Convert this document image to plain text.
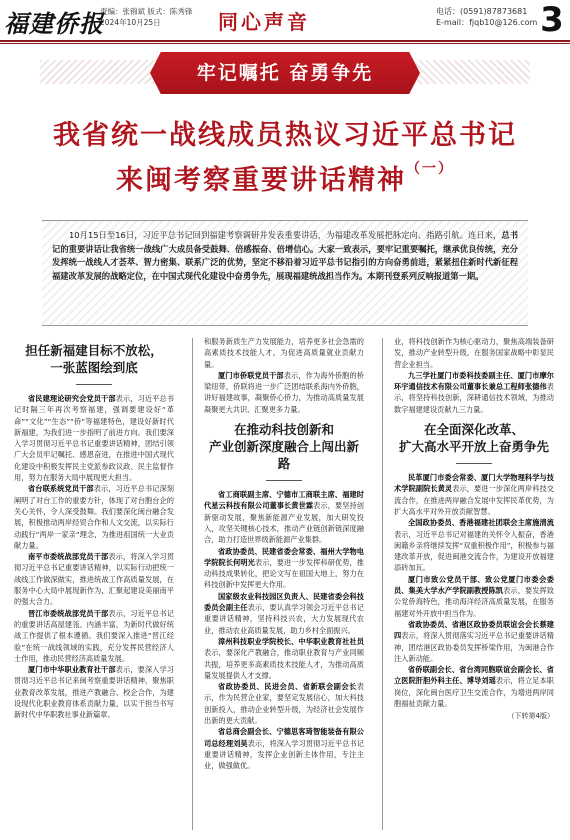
福建侨报
责编：张锦斌 版式：陈秀锋
2024年10月25日	同心声音	电话：(0591)87873681
E-mail：fjqb10@126.com 3
牢记嘱托 奋勇争先
我省统一战线成员热议习近平总书记
来闽考察重要讲话精神$^{(一)}$
10月15日至16日，习近平总书记回到福建考察调研并发表重要讲话，为福建改革发展把脉定向、指路引航。连日来，总书记的重要讲话让我省统一战线广大成员备受鼓舞、倍感振奋、倍增信心。大家一致表示，要牢记重要嘱托，继承优良传统，充分发挥统一战线人才荟萃、智力密集、联系广泛的优势，坚定不移沿着习近平总书记指引的方向奋勇前进，紧紧扭住新时代新征程福建改革发展的战略定位，在中国式现代化建设中奋勇争先，展现福建统战担当作为。本期刊登系列反响报道第一期。
担任新福建目标不放松，
一张蓝图绘到底

省民建理论研究会党员干部表示，习近平总书记时隔三年再次考察福建，强调要建设好“革命”“文化”“生态”“侨”等福建特色，建设好新时代新福建，为我们进一步指明了前进方向。我们要深入学习贯彻习近平总书记重要讲话精神，团结引领广大会员牢记嘱托、感恩奋进，在推进中国式现代化建设中积极发挥民主党派参政议政、民主监督作用，努力在服务大局中展现更大担当。

省台联系统党员干部表示，习近平总书记深刻阐明了对台工作的重要方针，体现了对台胞台企的关心关怀，令人深受鼓舞。我们要深化闽台融合发展，积极推动两岸经贸合作和人文交流，以实际行动践行“两岸一家亲”理念，为推进祖国统一大业贡献力量。

南平市委统战部党员干部表示，将深入学习贯彻习近平总书记重要讲话精神，以实际行动把统一战线工作做深做实，推进统战工作高质量发展，在服务中心大局中展现新作为，汇聚起建设美丽南平的强大合力。

晋江市委统战部党员干部表示，习近平总书记的重要讲话高屋建瓴、内涵丰富，为新时代做好统战工作提供了根本遵循。我们要深入推进“晋江经验”在统一战线领域的实践，充分发挥民营经济人士作用，推动民营经济高质量发展。

厦门市中华职业教育社干部表示，要深入学习贯彻习近平总书记来闽考察重要讲话精神，聚焦职业教育改革发展，推进产教融合、校企合作，为建设现代化职业教育体系贡献力量，以实干担当书写新时代中华职教社事业新篇章。

和服务新质生产力发展能力，培养更多社会急需的高素质技术技能人才，为促进高质量就业贡献力量。

厦门市侨联党员干部表示，作为海外侨胞的桥梁纽带，侨联将进一步广泛团结联系海内外侨胞，讲好福建故事，凝聚侨心侨力，为推动高质量发展凝聚更大共识、汇聚更多力量。

在推动科技创新和
产业创新深度融合上闯出新路

省工商联副主席、宁德市工商联主席、福建时代星云科技有限公司董事长黄世霖表示，要坚持创新驱动发展，聚焦新能源产业发展，加大研发投入，攻坚关键核心技术，推动产业链创新链深度融合，助力打造世界级新能源产业集群。

省政协委员、民建省委会常委、福州大学物电学院院长何明光表示，要进一步发挥科研优势，推动科技成果转化，把论文写在祖国大地上，努力在科技创新中发挥更大作用。

国家级农业科技园区负责人、民建省委会科技委员会副主任表示，要认真学习领会习近平总书记重要讲话精神，坚持科技兴农，大力发展现代农业，推动农业高质量发展，助力乡村全面振兴。

漳州科技职业学院校长、中华职业教育社社员表示，要深化产教融合，推动职业教育与产业同频共振，培养更多高素质技术技能人才，为推动高质量发展提供人才支撑。

省政协委员、民进会员、省新联会副会长表示，作为民营企业家，要坚定发展信心，加大科技创新投入，推动企业转型升级，为经济社会发展作出新的更大贡献。

省总商会副会长、宁德思客琦智能装备有限公司总经理刘昊表示，将深入学习贯彻习近平总书记重要讲话精神，发挥企业创新主体作用，专注主业，做强做优。

业，将科技创新作为核心驱动力，聚焦高端装备研发，推动产业转型升级，在服务国家战略中彰显民营企业担当。

九三学社厦门市委科技委副主任、厦门市摩尔环宇通信技术有限公司董事长兼总工程师张德伟表示，将坚持科技创新，深耕通信技术领域，为推动数字福建建设贡献九三力量。

在全面深化改革、
扩大高水平开放上奋勇争先

民革厦门市委会常委、厦门大学物理科学与技术学院副院长黄灵表示，要进一步深化两岸科技交流合作，在推进两岸融合发展中发挥民革优势，为扩大高水平对外开放贡献智慧。

全国政协委员、香港福建社团联会主席施清流表示，习近平总书记对福建的关怀令人振奋，香港闽籍乡亲将继续发挥“双重积极作用”，积极参与福建改革开放，促进闽港交流合作，为建设开放福建添砖加瓦。

厦门市致公党员干部、致公党厦门市委会委员、集美大学水产学院副教授陈凯表示，要发挥致公党侨海特色，推动海洋经济高质量发展，在服务福建对外开放中担当作为。

省政协委员、省港区政协委员联谊会会长蔡建四表示，将深入贯彻落实习近平总书记重要讲话精神，团结港区政协委员发挥桥梁作用，为闽港合作注入新动能。

省侨联副会长、省台湾同胞联谊会副会长、省立医院肝胆外科主任、博导刘瑶表示，将立足本职岗位，深化闽台医疗卫生交流合作，为增进两岸同胞福祉贡献力量。

（下转第4版）
